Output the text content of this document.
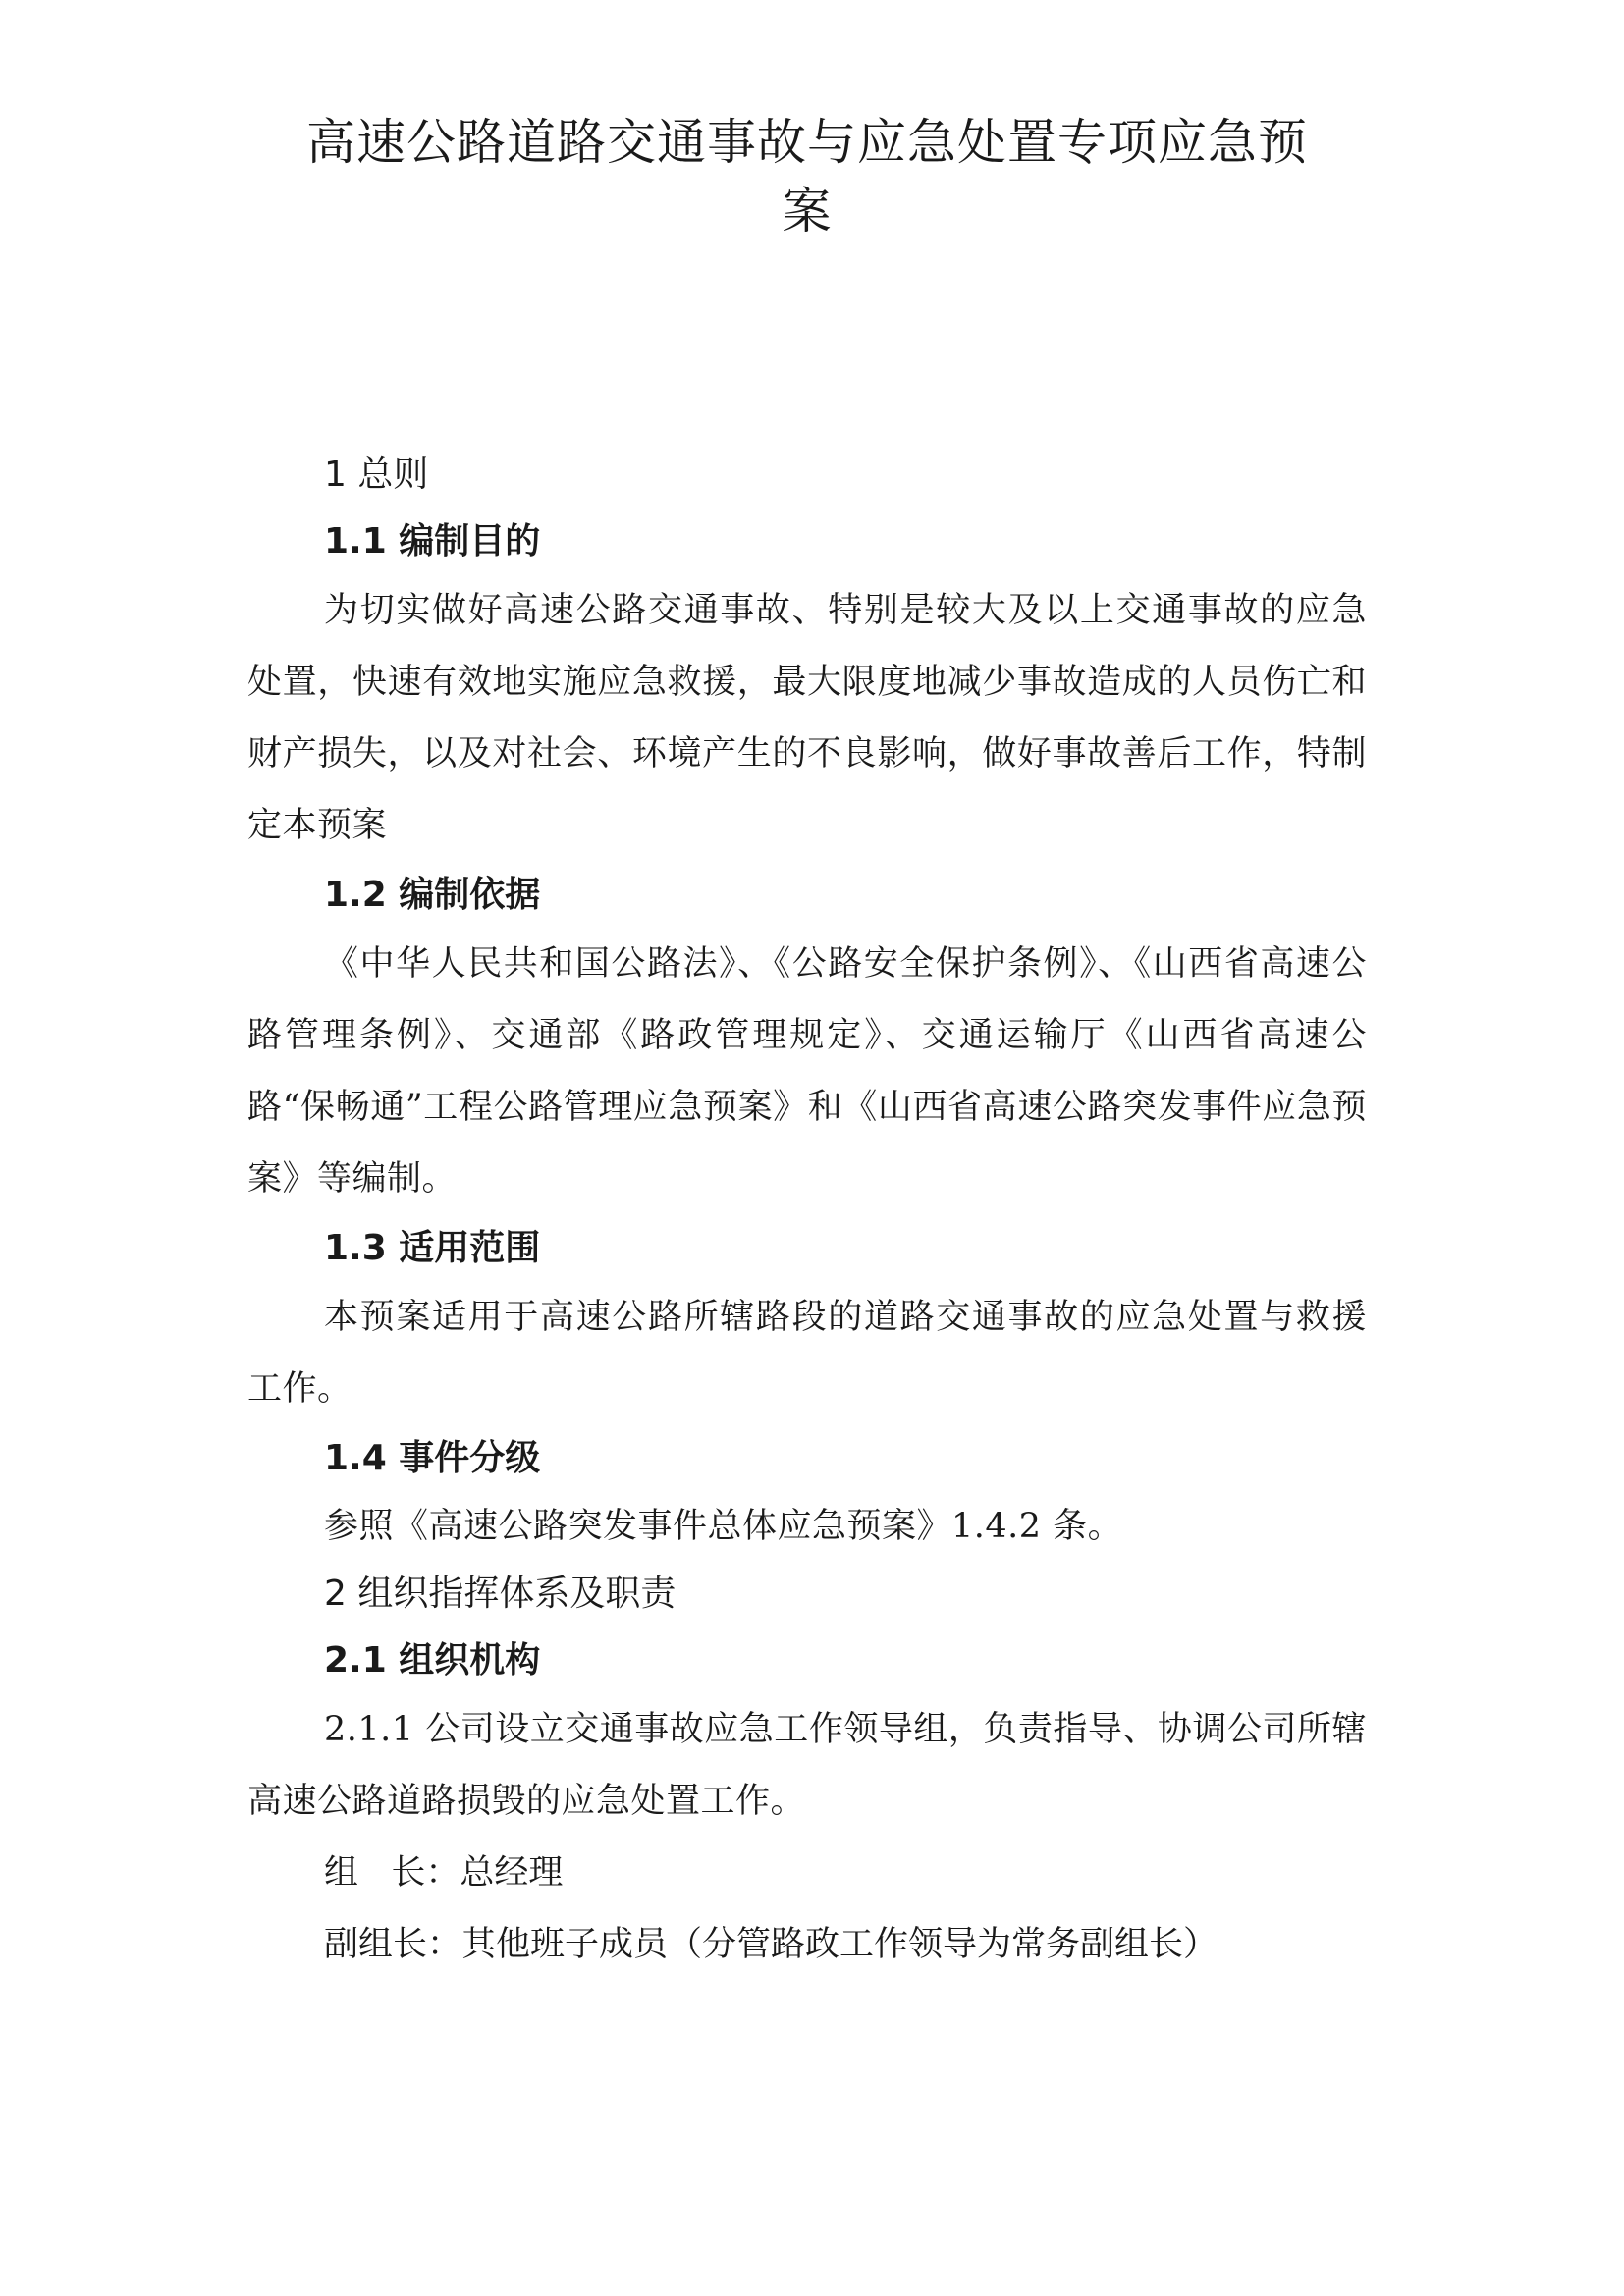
高速公路道路交通事故与应急处置专项应急预
案

1 总则

1.1 编制目的

为切实做好高速公路交通事故、特别是较大及以上交通事故的应急处置，快速有效地实施应急救援，最大限度地减少事故造成的人员伤亡和财产损失，以及对社会、环境产生的不良影响，做好事故善后工作，特制定本预案

1.2 编制依据

《中华人民共和国公路法》、《公路安全保护条例》、《山西省高速公路管理条例》、交通部《路政管理规定》、交通运输厅《山西省高速公路“保畅通”工程公路管理应急预案》和《山西省高速公路突发事件应急预案》等编制。

1.3 适用范围

本预案适用于高速公路所辖路段的道路交通事故的应急处置与救援工作。

1.4 事件分级

参照《高速公路突发事件总体应急预案》1.4.2 条。

2 组织指挥体系及职责

2.1 组织机构

2.1.1 公司设立交通事故应急工作领导组，负责指导、协调公司所辖高速公路道路损毁的应急处置工作。

组   长：总经理

副组长：其他班子成员（分管路政工作领导为常务副组长）
